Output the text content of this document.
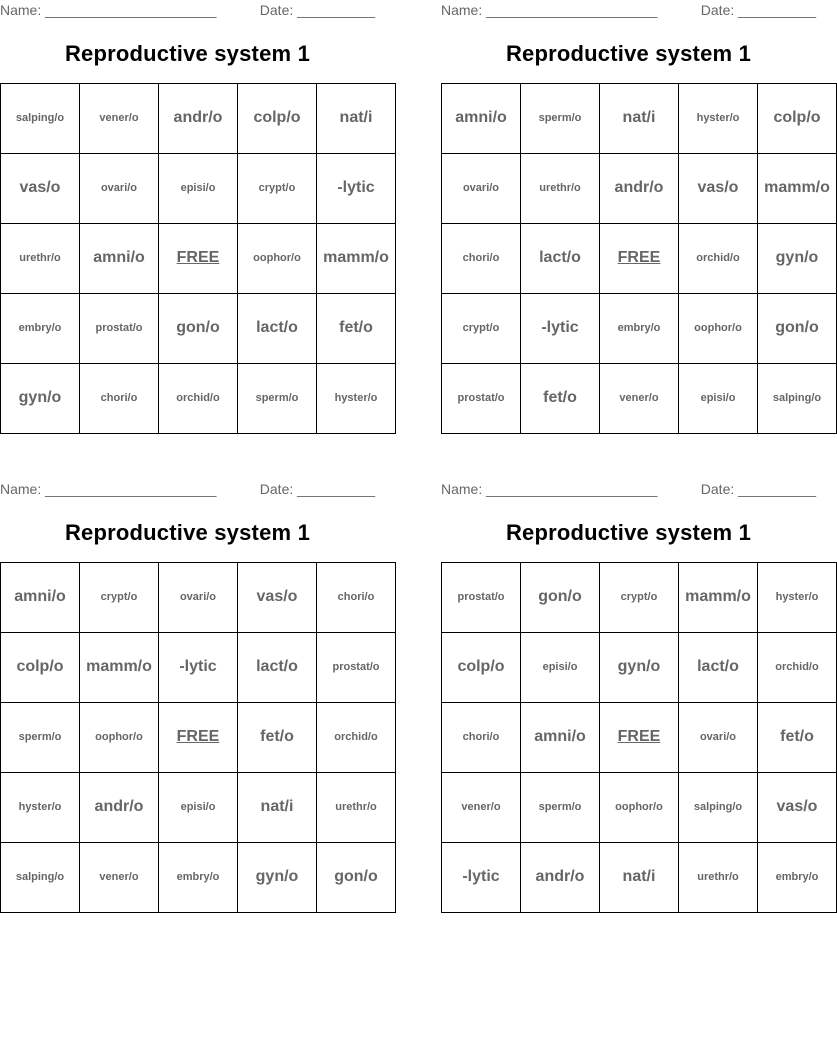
Name: ______________________	Date: __________
Reproductive system 1
salping/o	vener/o	andr/o	colp/o	nat/i
vas/o	ovari/o	episi/o	crypt/o	-lytic
urethr/o	amni/o	FREE	oophor/o	mamm/o
embry/o	prostat/o	gon/o	lact/o	fet/o
gyn/o	chori/o	orchid/o	sperm/o	hyster/o
Name: ______________________	Date: __________
Reproductive system 1
amni/o	sperm/o	nat/i	hyster/o	colp/o
ovari/o	urethr/o	andr/o	vas/o	mamm/o
chori/o	lact/o	FREE	orchid/o	gyn/o
crypt/o	-lytic	embry/o	oophor/o	gon/o
prostat/o	fet/o	vener/o	episi/o	salping/o
Name: ______________________	Date: __________
Reproductive system 1
amni/o	crypt/o	ovari/o	vas/o	chori/o
colp/o	mamm/o	-lytic	lact/o	prostat/o
sperm/o	oophor/o	FREE	fet/o	orchid/o
hyster/o	andr/o	episi/o	nat/i	urethr/o
salping/o	vener/o	embry/o	gyn/o	gon/o
Name: ______________________	Date: __________
Reproductive system 1
prostat/o	gon/o	crypt/o	mamm/o	hyster/o
colp/o	episi/o	gyn/o	lact/o	orchid/o
chori/o	amni/o	FREE	ovari/o	fet/o
vener/o	sperm/o	oophor/o	salping/o	vas/o
-lytic	andr/o	nat/i	urethr/o	embry/o
